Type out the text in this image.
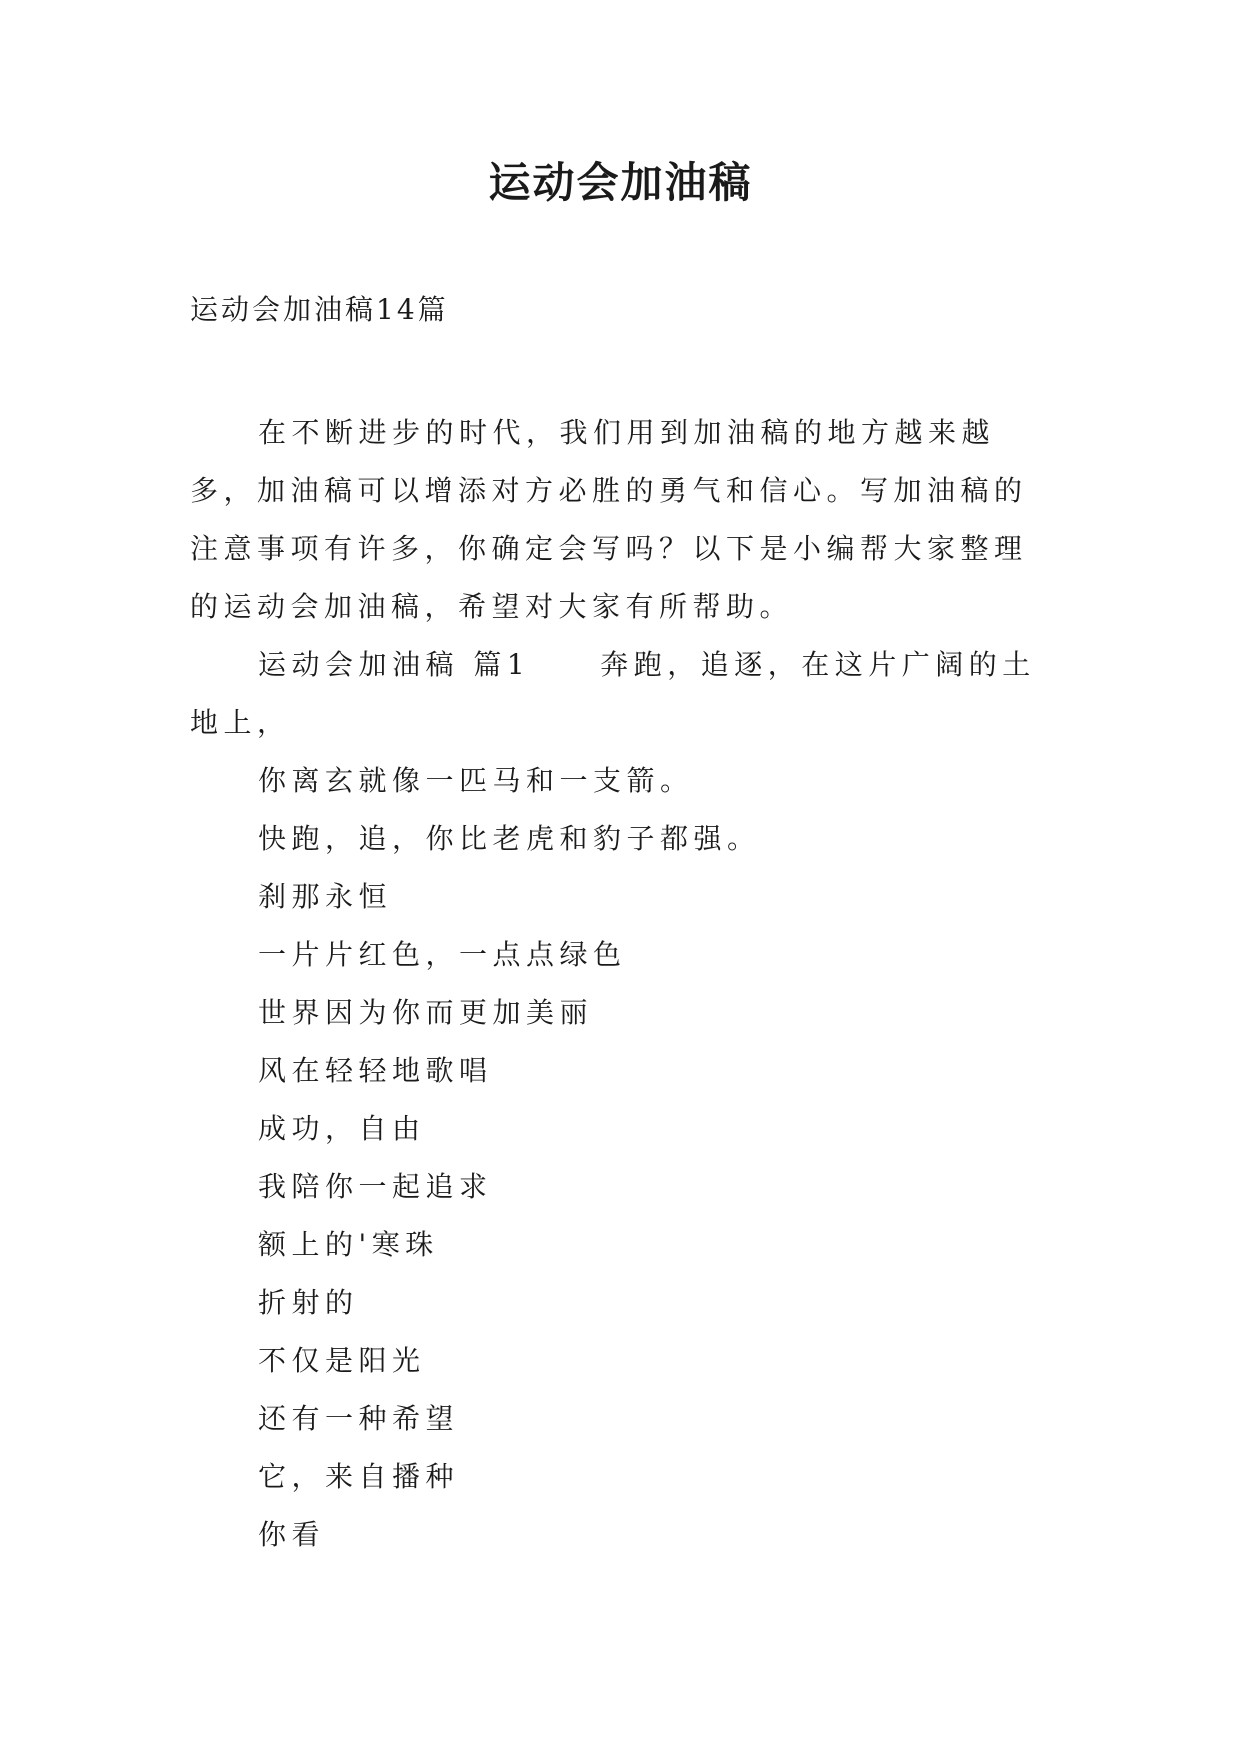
运动会加油稿

运动会加油稿14篇

在不断进步的时代，我们用到加油稿的地方越来越多，加油稿可以增添对方必胜的勇气和信心。写加油稿的注意事项有许多，你确定会写吗？以下是小编帮大家整理的运动会加油稿，希望对大家有所帮助。

运动会加油稿 篇1	奔跑，追逐，在这片广阔的土地上，

你离玄就像一匹马和一支箭。
快跑，追，你比老虎和豹子都强。
刹那永恒
一片片红色，一点点绿色
世界因为你而更加美丽
风在轻轻地歌唱
成功，自由
我陪你一起追求
额上的'寒珠
折射的
不仅是阳光
还有一种希望
它，来自播种
你看
